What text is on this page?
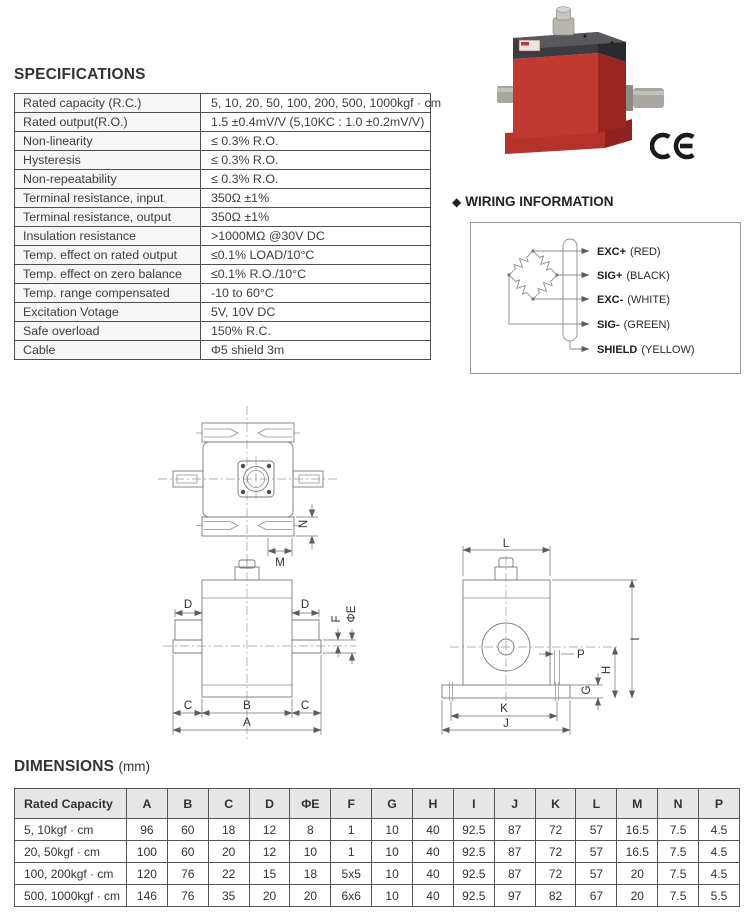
SPECIFICATIONS
Rated capacity (R.C.)	5, 10, 20, 50, 100, 200, 500, 1000kgf · cm
Rated output(R.O.)	1.5 ±0.4mV/V (5,10KC : 1.0 ±0.2mV/V)
Non-linearity	≤ 0.3% R.O.
Hysteresis	≤ 0.3% R.O.
Non-repeatability	≤ 0.3% R.O.
Terminal resistance, input	350Ω ±1%
Terminal resistance, output	350Ω ±1%
Insulation resistance	>1000MΩ @30V DC
Temp. effect on rated output	≤0.1% LOAD/10°C
Temp. effect on zero balance	≤0.1% R.O./10°C
Temp. range compensated	-10 to 60°C
Excitation Votage	5V, 10V DC
Safe overload	150% R.C.
Cable	Φ5 shield 3m
◆ WIRING INFORMATION
EXC+ (RED)
SIG+ (BLACK)
EXC- (WHITE)
SIG- (GREEN)
SHIELD (YELLOW)
N
M
D	D
F ΦE
C	B	C
A
L
P
G
H
I
K
J
DIMENSIONS (mm)
Rated Capacity	A	B	C	D	ΦE	F	G	H	I	J	K	L	M	N	P
5, 10kgf · cm	96	60	18	12	8	1	10	40	92.5	87	72	57	16.5	7.5	4.5
20, 50kgf · cm	100	60	20	12	10	1	10	40	92.5	87	72	57	16.5	7.5	4.5
100, 200kgf · cm	120	76	22	15	18	5x5	10	40	92.5	87	72	57	20	7.5	4.5
500, 1000kgf · cm	146	76	35	20	20	6x6	10	40	92.5	97	82	67	20	7.5	5.5
